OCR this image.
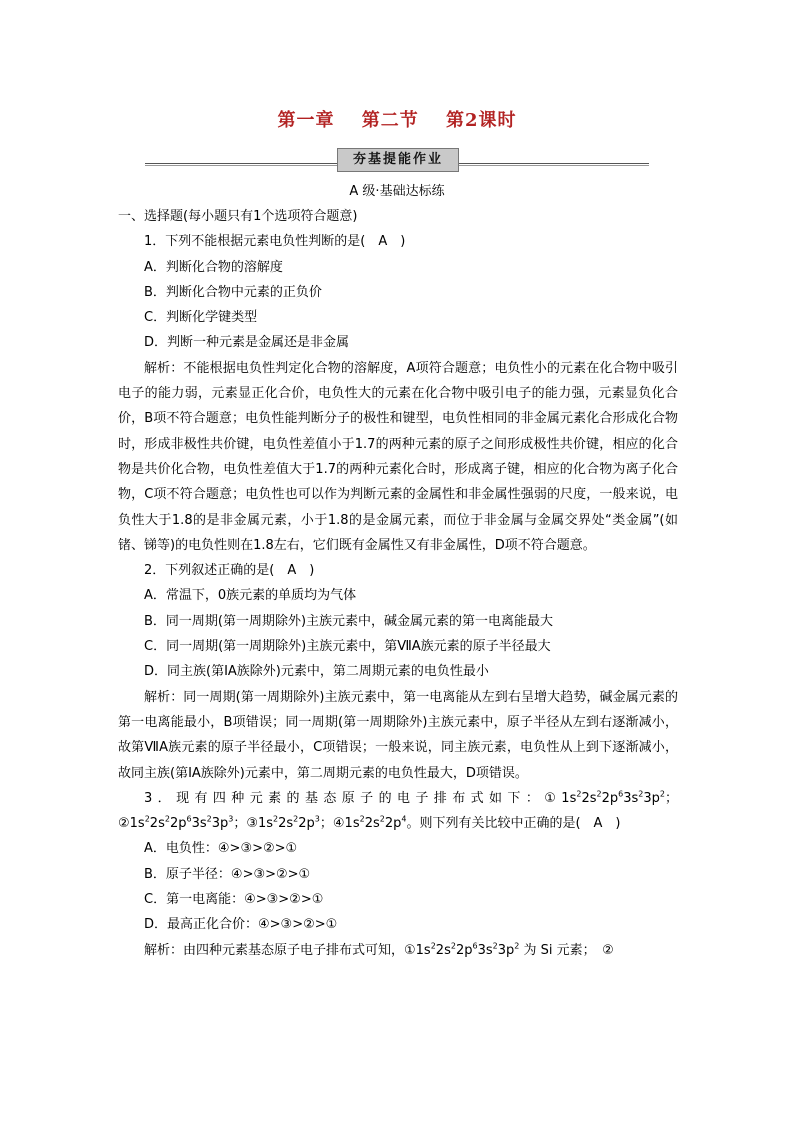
第一章 第二节 第2课时
夯基提能作业
A 级·基础达标练
一、选择题(每小题只有1个选项符合题意)
1．下列不能根据元素电负性判断的是(　A　)
A．判断化合物的溶解度
B．判断化合物中元素的正负价
C．判断化学键类型
D．判断一种元素是金属还是非金属
解析：不能根据电负性判定化合物的溶解度，A项符合题意；电负性小的元素在化合物中吸引电子的能力弱，元素显正化合价，电负性大的元素在化合物中吸引电子的能力强，元素显负化合价，B项不符合题意；电负性能判断分子的极性和键型，电负性相同的非金属元素化合形成化合物时，形成非极性共价键，电负性差值小于1.7的两种元素的原子之间形成极性共价键，相应的化合物是共价化合物，电负性差值大于1.7的两种元素化合时，形成离子键，相应的化合物为离子化合物，C项不符合题意；电负性也可以作为判断元素的金属性和非金属性强弱的尺度，一般来说，电负性大于1.8的是非金属元素，小于1.8的是金属元素，而位于非金属与金属交界处“类金属”(如锗、锑等)的电负性则在1.8左右，它们既有金属性又有非金属性，D项不符合题意。
2．下列叙述正确的是(　A　)
A．常温下，0族元素的单质均为气体
B．同一周期(第一周期除外)主族元素中，碱金属元素的第一电离能最大
C．同一周期(第一周期除外)主族元素中，第ⅦA族元素的原子半径最大
D．同主族(第ⅠA族除外)元素中，第二周期元素的电负性最小
解析：同一周期(第一周期除外)主族元素中，第一电离能从左到右呈增大趋势，碱金属元素的第一电离能最小，B项错误；同一周期(第一周期除外)主族元素中，原子半径从左到右逐渐减小，故第ⅦA族元素的原子半径最小，C项错误；一般来说，同主族元素，电负性从上到下逐渐减小，故同主族(第ⅠA族除外)元素中，第二周期元素的电负性最大，D项错误。
3．现有四种元素的基态原子的电子排布式如下：$①1s^22s^22p^63s^23p^2$；$②1s^22s^22p^63s^23p^3$；$③1s^22s^22p^3$；$④1s^22s^22p^4$。则下列有关比较中正确的是(　A　)
A．电负性：④>③>②>①
B．原子半径：④>③>②>①
C．第一电离能：④>③>②>①
D．最高正化合价：④>③>②>①
解析：由四种元素基态原子电子排布式可知，$①1s^22s^22p^63s^23p^2$ 为 Si 元素；　②
